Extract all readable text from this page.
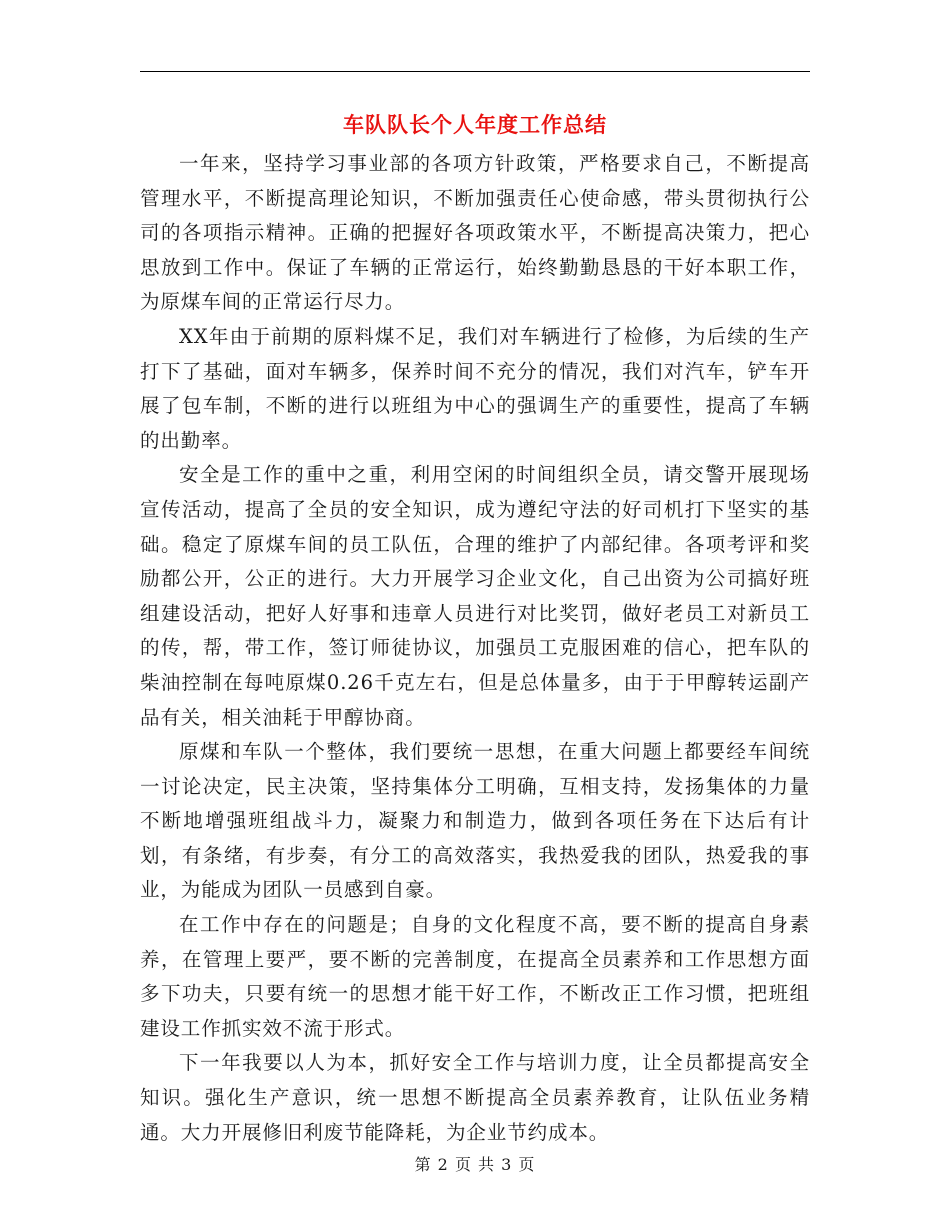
车队队长个人年度工作总结

一年来，坚持学习事业部的各项方针政策，严格要求自己，不断提高管理水平，不断提高理论知识，不断加强责任心使命感，带头贯彻执行公司的各项指示精神。正确的把握好各项政策水平，不断提高决策力，把心思放到工作中。保证了车辆的正常运行，始终勤勤恳恳的干好本职工作，为原煤车间的正常运行尽力。

XX年由于前期的原料煤不足，我们对车辆进行了检修，为后续的生产打下了基础，面对车辆多，保养时间不充分的情况，我们对汽车，铲车开展了包车制，不断的进行以班组为中心的强调生产的重要性，提高了车辆的出勤率。

安全是工作的重中之重，利用空闲的时间组织全员，请交警开展现场宣传活动，提高了全员的安全知识，成为遵纪守法的好司机打下坚实的基础。稳定了原煤车间的员工队伍，合理的维护了内部纪律。各项考评和奖励都公开，公正的进行。大力开展学习企业文化，自己出资为公司搞好班组建设活动，把好人好事和违章人员进行对比奖罚，做好老员工对新员工的传，帮，带工作，签订师徒协议，加强员工克服困难的信心，把车队的柴油控制在每吨原煤0.26千克左右，但是总体量多，由于于甲醇转运副产品有关，相关油耗于甲醇协商。

原煤和车队一个整体，我们要统一思想，在重大问题上都要经车间统一讨论决定，民主决策，坚持集体分工明确，互相支持，发扬集体的力量不断地增强班组战斗力，凝聚力和制造力，做到各项任务在下达后有计划，有条绪，有步奏，有分工的高效落实，我热爱我的团队，热爱我的事业，为能成为团队一员感到自豪。

在工作中存在的问题是；自身的文化程度不高，要不断的提高自身素养，在管理上要严，要不断的完善制度，在提高全员素养和工作思想方面多下功夫，只要有统一的思想才能干好工作，不断改正工作习惯，把班组建设工作抓实效不流于形式。

下一年我要以人为本，抓好安全工作与培训力度，让全员都提高安全知识。强化生产意识，统一思想不断提高全员素养教育，让队伍业务精通。大力开展修旧利废节能降耗，为企业节约成本。

第 2 页 共 3 页
